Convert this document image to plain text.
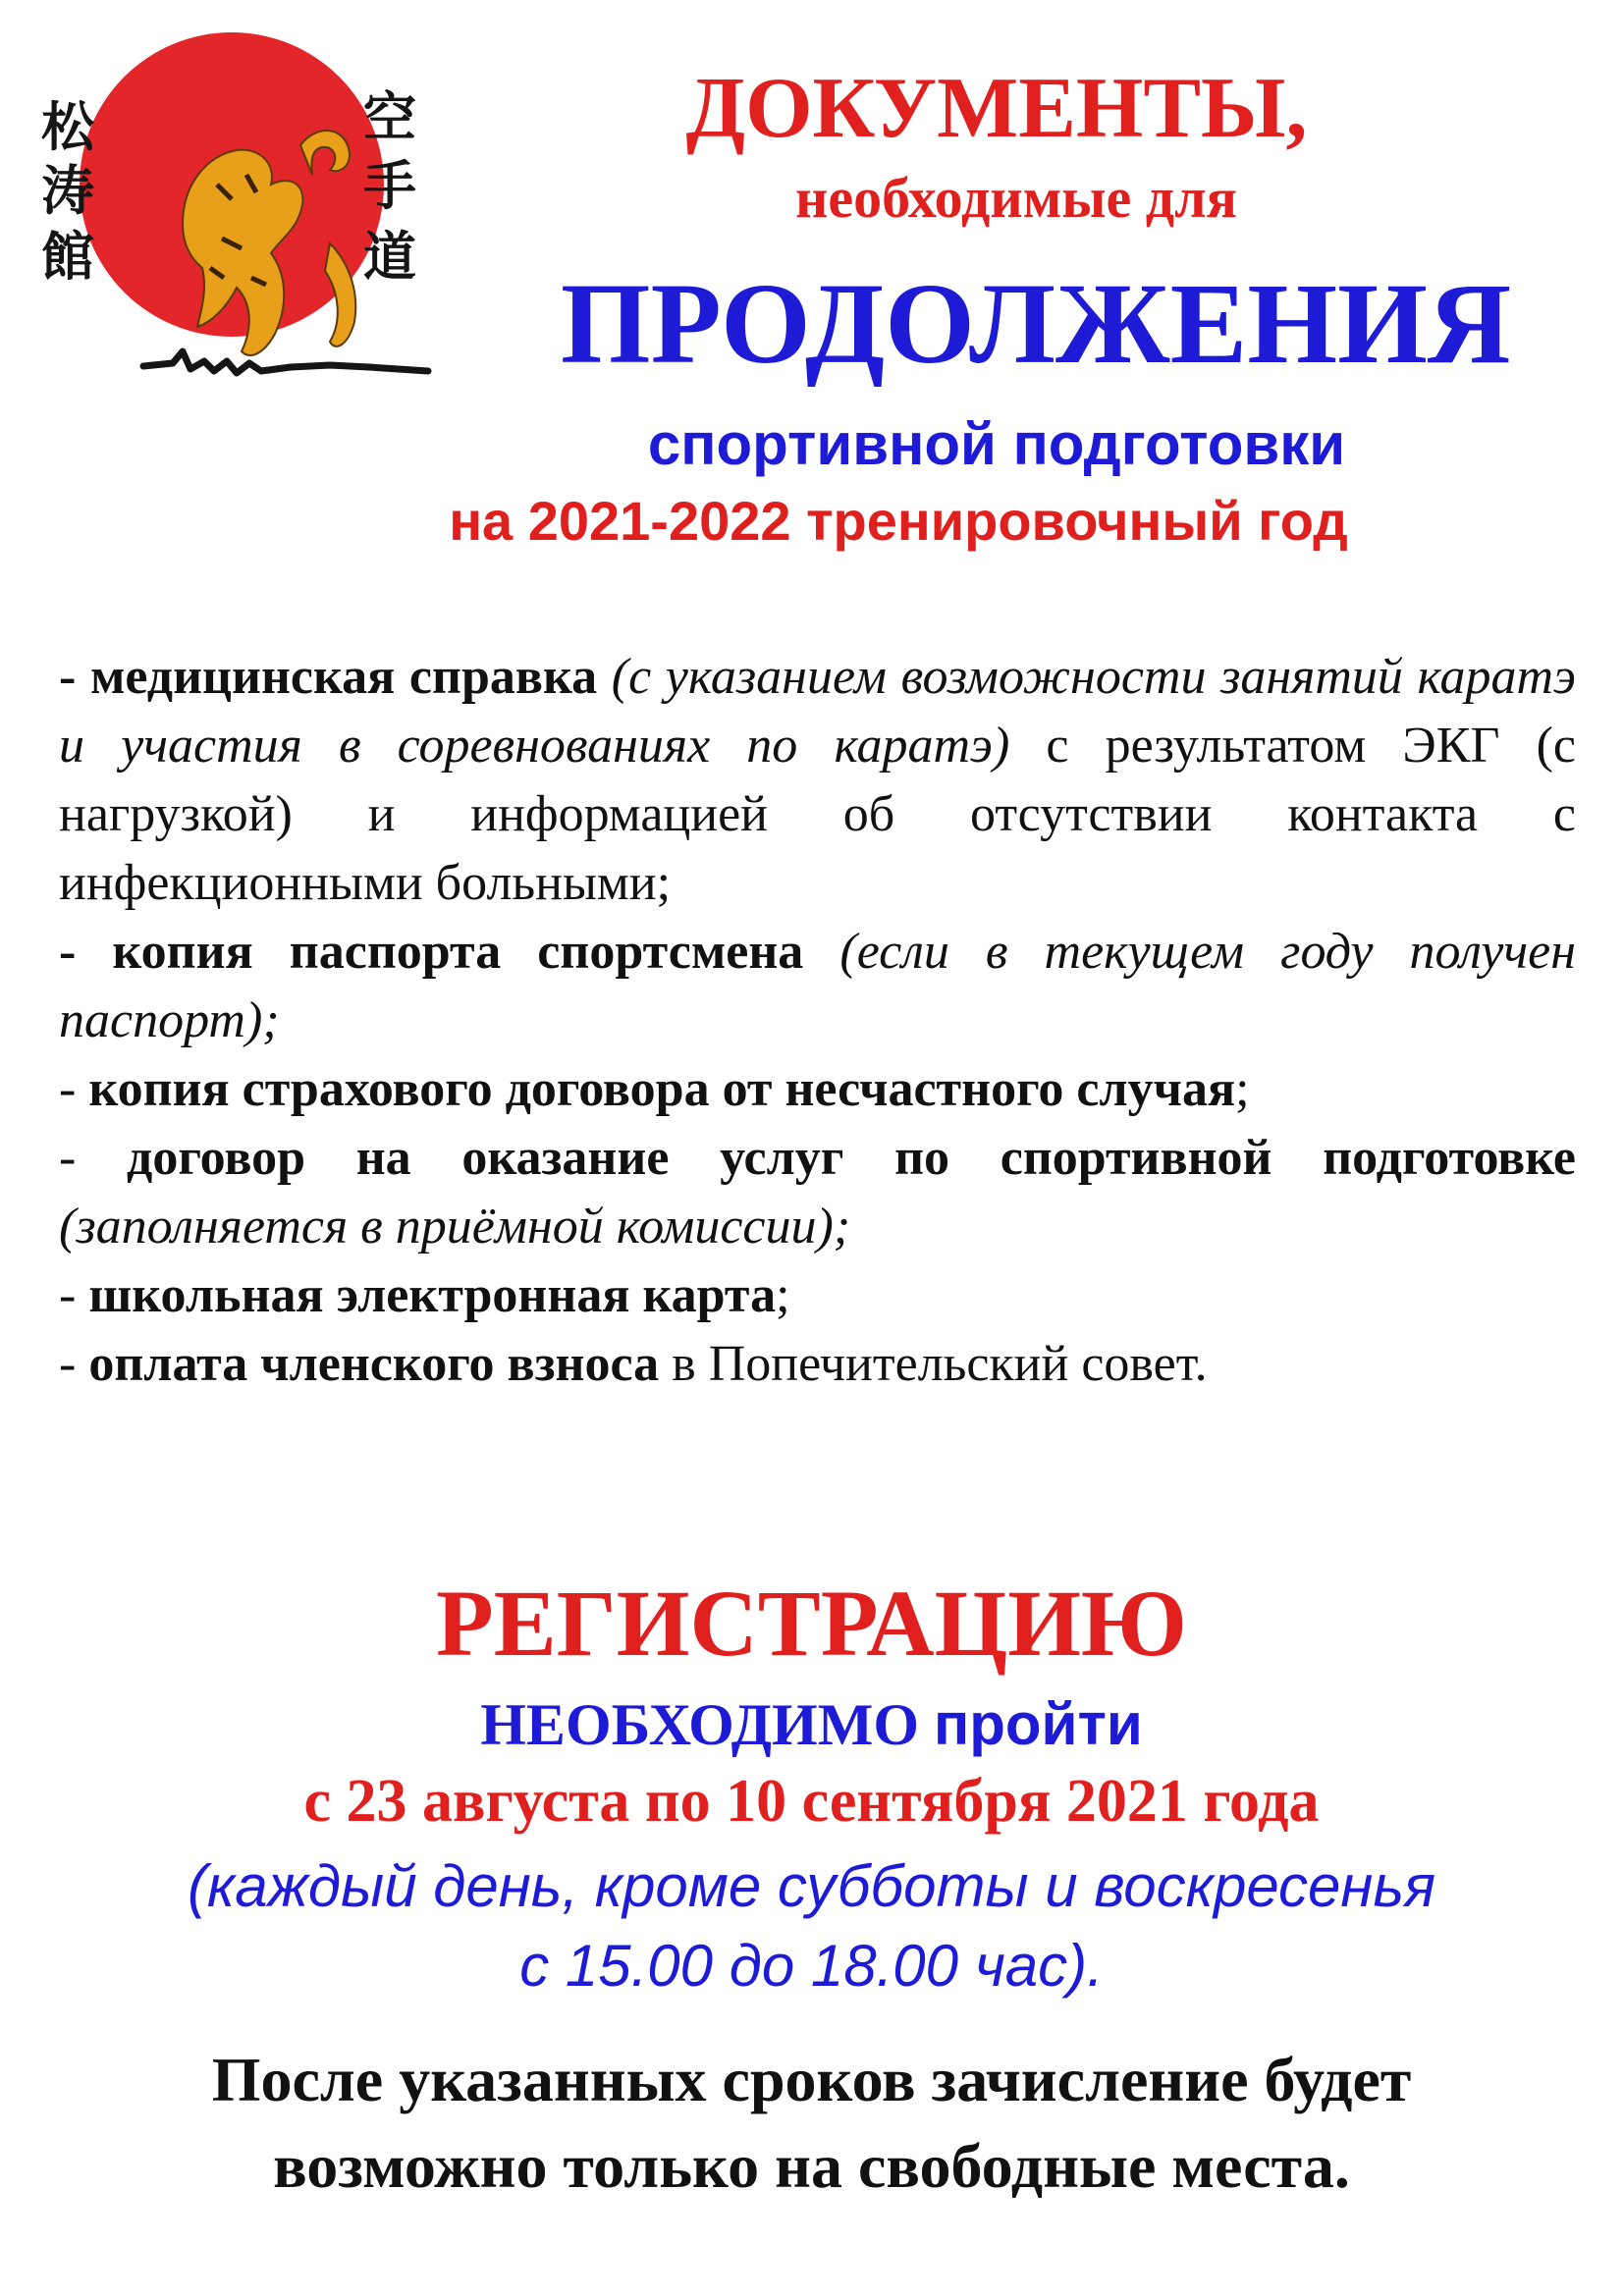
松
涛
館
空
手
道
ДОКУМЕНТЫ,
необходимые для
ПРОДОЛЖЕНИЯ
спортивной подготовки
на 2021-2022 тренировочный год
- медицинская справка (с указанием возможности занятий каратэ и участия в соревнованиях по каратэ) с результатом ЭКГ (с нагрузкой) и информацией об отсутствии контакта с инфекционными больными;
- копия паспорта спортсмена (если в текущем году получен паспорт);
- копия страхового договора от несчастного случая;
- договор на оказание услуг по спортивной подготовке (заполняется в приёмной комиссии);
- школьная электронная карта;
- оплата членского взноса в Попечительский совет.
РЕГИСТРАЦИЮ
НЕОБХОДИМО пройти
с 23 августа по 10 сентября 2021 года
(каждый день, кроме субботы и воскресенья
с 15.00 до 18.00 час).
После указанных сроков зачисление будет
возможно только на свободные места.
